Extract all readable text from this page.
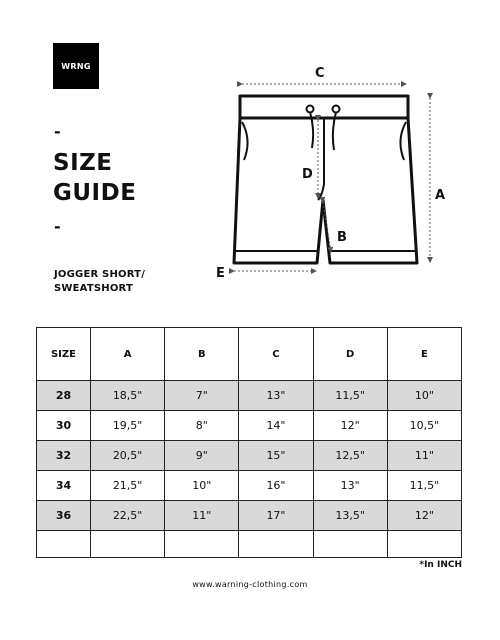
WRNG
-
SIZE
GUIDE
-
JOGGER SHORT/
SWEATSHORT
C
A
D
B
E
SIZE	A	B	C	D	E
28	18,5"	7"	13"	11,5"	10"
30	19,5"	8"	14"	12"	10,5"
32	20,5"	9"	15"	12,5"	11"
34	21,5"	10"	16"	13"	11,5"
36	22,5"	11"	17"	13,5"	12"

*In INCH
www.warning-clothing.com
